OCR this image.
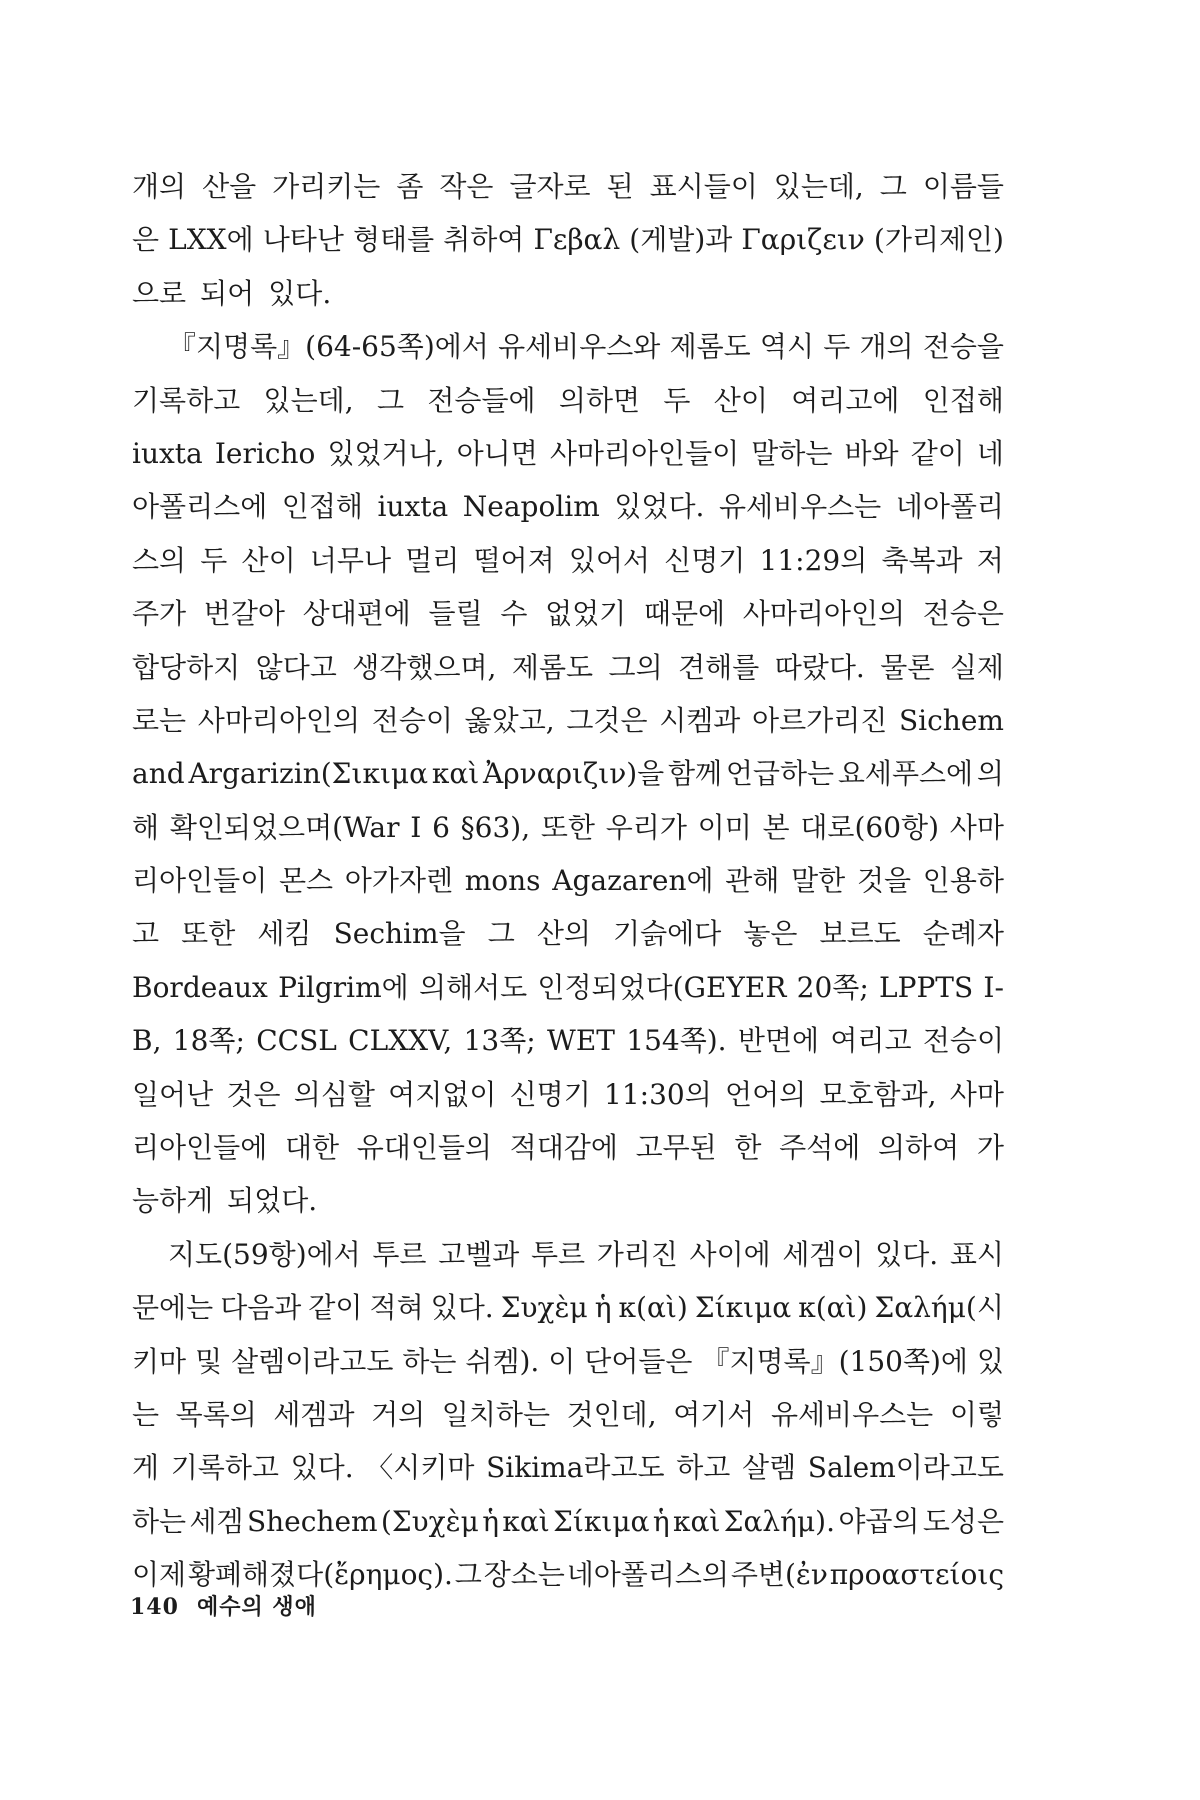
개의 산을 가리키는 좀 작은 글자로 된 표시들이 있는데, 그 이름들
은 LXX에 나타난 형태를 취하여 Γεβαλ (게발)과 Γαριζειν (가리제인)
으로 되어 있다.
『지명록』(64-65쪽)에서 유세비우스와 제롬도 역시 두 개의 전승을
기록하고 있는데, 그 전승들에 의하면 두 산이 여리고에 인접해
iuxta Iericho 있었거나, 아니면 사마리아인들이 말하는 바와 같이 네
아폴리스에 인접해 iuxta Neapolim 있었다. 유세비우스는 네아폴리
스의 두 산이 너무나 멀리 떨어져 있어서 신명기 11:29의 축복과 저
주가 번갈아 상대편에 들릴 수 없었기 때문에 사마리아인의 전승은
합당하지 않다고 생각했으며, 제롬도 그의 견해를 따랐다. 물론 실제
로는 사마리아인의 전승이 옳았고, 그것은 시켐과 아르가리진 Sichem
and Argarizin(Σικιμα καὶ Ἀρναριζιν)을 함께 언급하는 요세푸스에 의
해 확인되었으며(War I 6 §63), 또한 우리가 이미 본 대로(60항) 사마
리아인들이 몬스 아가자렌 mons Agazaren에 관해 말한 것을 인용하
고 또한 세킴 Sechim을 그 산의 기슭에다 놓은 보르도 순례자
Bordeaux Pilgrim에 의해서도 인정되었다(GEYER 20쪽; LPPTS I-
B, 18쪽; CCSL CLXXV, 13쪽; WET 154쪽). 반면에 여리고 전승이
일어난 것은 의심할 여지없이 신명기 11:30의 언어의 모호함과, 사마
리아인들에 대한 유대인들의 적대감에 고무된 한 주석에 의하여 가
능하게 되었다.
지도(59항)에서 투르 고벨과 투르 가리진 사이에 세겜이 있다. 표시
문에는 다음과 같이 적혀 있다. Συχὲμ ἡ κ(αὶ) Σίκιμα κ(αὶ) Σαλήμ(시
키마 및 살렘이라고도 하는 쉬켐). 이 단어들은 『지명록』(150쪽)에 있
는 목록의 세겜과 거의 일치하는 것인데, 여기서 유세비우스는 이렇
게 기록하고 있다. 〈시키마 Sikima라고도 하고 살렘 Salem이라고도
하는 세겜 Shechem (Συχὲμ ἡ καὶ Σίκιμα ἡ καὶ Σαλήμ). 야곱의 도성은
이제 황폐해졌다(ἔρημος). 그 장소는 네아폴리스의 주변(ἐν προαστείοις
140 예수의 생애
